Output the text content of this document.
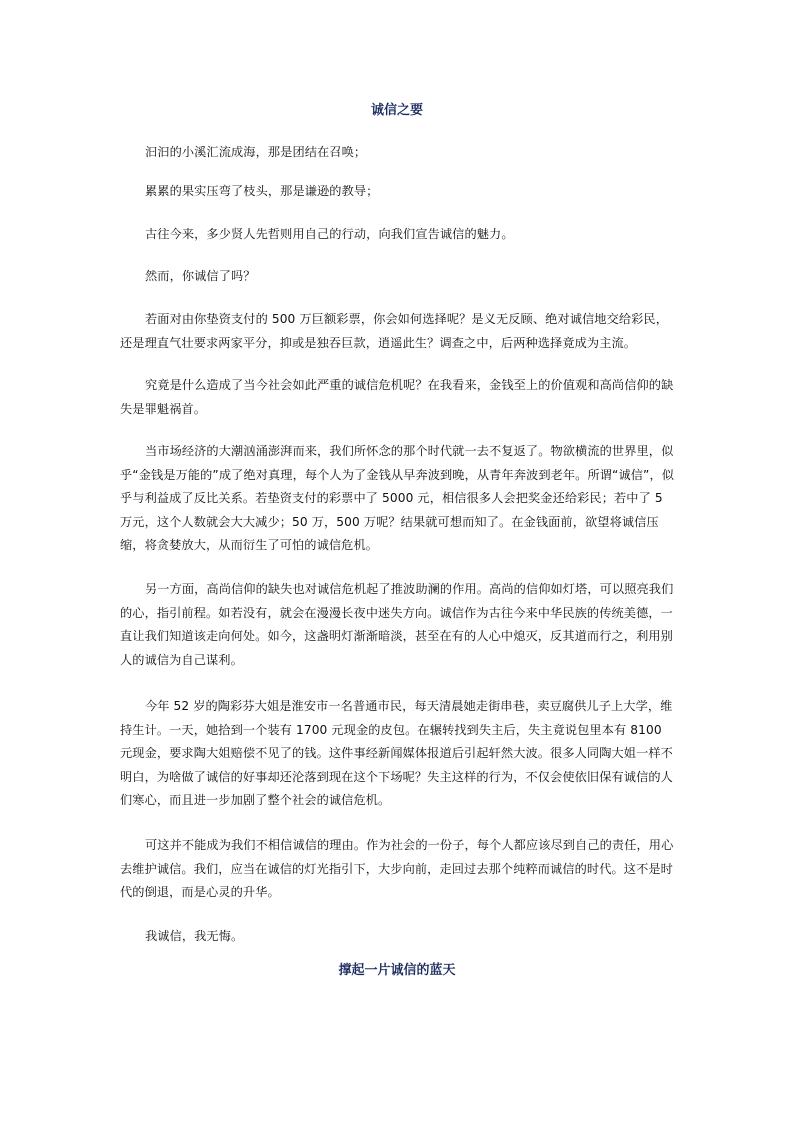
诚信之要

汩汩的小溪汇流成海，那是团结在召唤；

累累的果实压弯了枝头，那是谦逊的教导；

古往今来，多少贤人先哲则用自己的行动，向我们宣告诚信的魅力。

然而，你诚信了吗？

若面对由你垫资支付的 500 万巨额彩票，你会如何选择呢？是义无反顾、绝对诚信地交给彩民，还是理直气壮要求两家平分，抑或是独吞巨款，逍遥此生？调查之中，后两种选择竟成为主流。

究竟是什么造成了当今社会如此严重的诚信危机呢？在我看来，金钱至上的价值观和高尚信仰的缺失是罪魁祸首。

当市场经济的大潮汹涌澎湃而来，我们所怀念的那个时代就一去不复返了。物欲横流的世界里，似乎“金钱是万能的”成了绝对真理，每个人为了金钱从早奔波到晚，从青年奔波到老年。所谓“诚信”，似乎与利益成了反比关系。若垫资支付的彩票中了 5000 元，相信很多人会把奖金还给彩民；若中了 5 万元，这个人数就会大大减少；50 万，500 万呢？结果就可想而知了。在金钱面前，欲望将诚信压缩，将贪婪放大，从而衍生了可怕的诚信危机。

另一方面，高尚信仰的缺失也对诚信危机起了推波助澜的作用。高尚的信仰如灯塔，可以照亮我们的心，指引前程。如若没有，就会在漫漫长夜中迷失方向。诚信作为古往今来中华民族的传统美德，一直让我们知道该走向何处。如今，这盏明灯渐渐暗淡，甚至在有的人心中熄灭，反其道而行之，利用别人的诚信为自己谋利。

今年 52 岁的陶彩芬大姐是淮安市一名普通市民，每天清晨她走街串巷，卖豆腐供儿子上大学，维持生计。一天，她拾到一个装有 1700 元现金的皮包。在辗转找到失主后，失主竟说包里本有 8100 元现金，要求陶大姐赔偿不见了的钱。这件事经新闻媒体报道后引起轩然大波。很多人同陶大姐一样不明白，为啥做了诚信的好事却还沦落到现在这个下场呢？失主这样的行为，不仅会使依旧保有诚信的人们寒心，而且进一步加剧了整个社会的诚信危机。

可这并不能成为我们不相信诚信的理由。作为社会的一份子，每个人都应该尽到自己的责任，用心去维护诚信。我们，应当在诚信的灯光指引下，大步向前，走回过去那个纯粹而诚信的时代。这不是时代的倒退，而是心灵的升华。

我诚信，我无悔。

撑起一片诚信的蓝天
